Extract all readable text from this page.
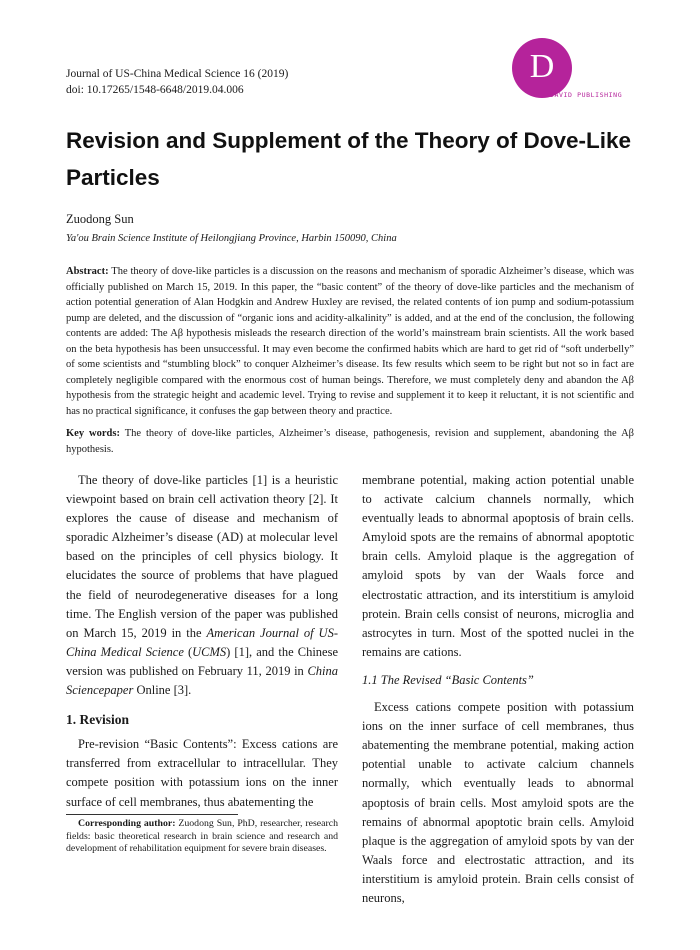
Journal of US-China Medical Science 16 (2019)
doi: 10.17265/1548-6648/2019.04.006
D
DAVID PUBLISHING
Revision and Supplement of the Theory of Dove-Like Particles
Zuodong Sun
Ya'ou Brain Science Institute of Heilongjiang Province, Harbin 150090, China

Abstract: The theory of dove-like particles is a discussion on the reasons and mechanism of sporadic Alzheimer’s disease, which was officially published on March 15, 2019. In this paper, the “basic content” of the theory of dove-like particles and the mechanism of action potential generation of Alan Hodgkin and Andrew Huxley are revised, the related contents of ion pump and sodium-potassium pump are deleted, and the discussion of “organic ions and acidity-alkalinity” is added, and at the end of the conclusion, the following contents are added: The Aβ hypothesis misleads the research direction of the world’s mainstream brain scientists. All the work based on the beta hypothesis has been unsuccessful. It may even become the confirmed habits which are hard to get rid of “soft underbelly” of some scientists and “stumbling block” to conquer Alzheimer’s disease. Its few results which seem to be right but not so in fact are completely negligible compared with the enormous cost of human beings. Therefore, we must completely deny and abandon the Aβ hypothesis from the strategic height and academic level. Trying to revise and supplement it to keep it reluctant, it is not scientific and has no practical significance, it confuses the gap between theory and practice.

Key words: The theory of dove-like particles, Alzheimer’s disease, pathogenesis, revision and supplement, abandoning the Aβ hypothesis.

The theory of dove-like particles [1] is a heuristic viewpoint based on brain cell activation theory [2]. It explores the cause of disease and mechanism of sporadic Alzheimer’s disease (AD) at molecular level based on the principles of cell physics biology. It elucidates the source of problems that have plagued the field of neurodegenerative diseases for a long time. The English version of the paper was published on March 15, 2019 in the American Journal of US-China Medical Science (UCMS) [1], and the Chinese version was published on February 11, 2019 in China Sciencepaper Online [3].

1. Revision

Pre-revision “Basic Contents”: Excess cations are transferred from extracellular to intracellular. They compete position with potassium ions on the inner surface of cell membranes, thus abatementing the

membrane potential, making action potential unable to activate calcium channels normally, which eventually leads to abnormal apoptosis of brain cells. Amyloid spots are the remains of abnormal apoptotic brain cells. Amyloid plaque is the aggregation of amyloid spots by van der Waals force and electrostatic attraction, and its interstitium is amyloid protein. Brain cells consist of neurons, microglia and astrocytes in turn. Most of the spotted nuclei in the remains are cations.

1.1 The Revised “Basic Contents”

Excess cations compete position with potassium ions on the inner surface of cell membranes, thus abatementing the membrane potential, making action potential unable to activate calcium channels normally, which eventually leads to abnormal apoptosis of brain cells. Most amyloid spots are the remains of abnormal apoptotic brain cells. Amyloid plaque is the aggregation of amyloid spots by van der Waals force and electrostatic attraction, and its interstitium is amyloid protein. Brain cells consist of neurons,

Corresponding author: Zuodong Sun, PhD, researcher, research fields: basic theoretical research in brain science and research and development of rehabilitation equipment for severe brain diseases.
